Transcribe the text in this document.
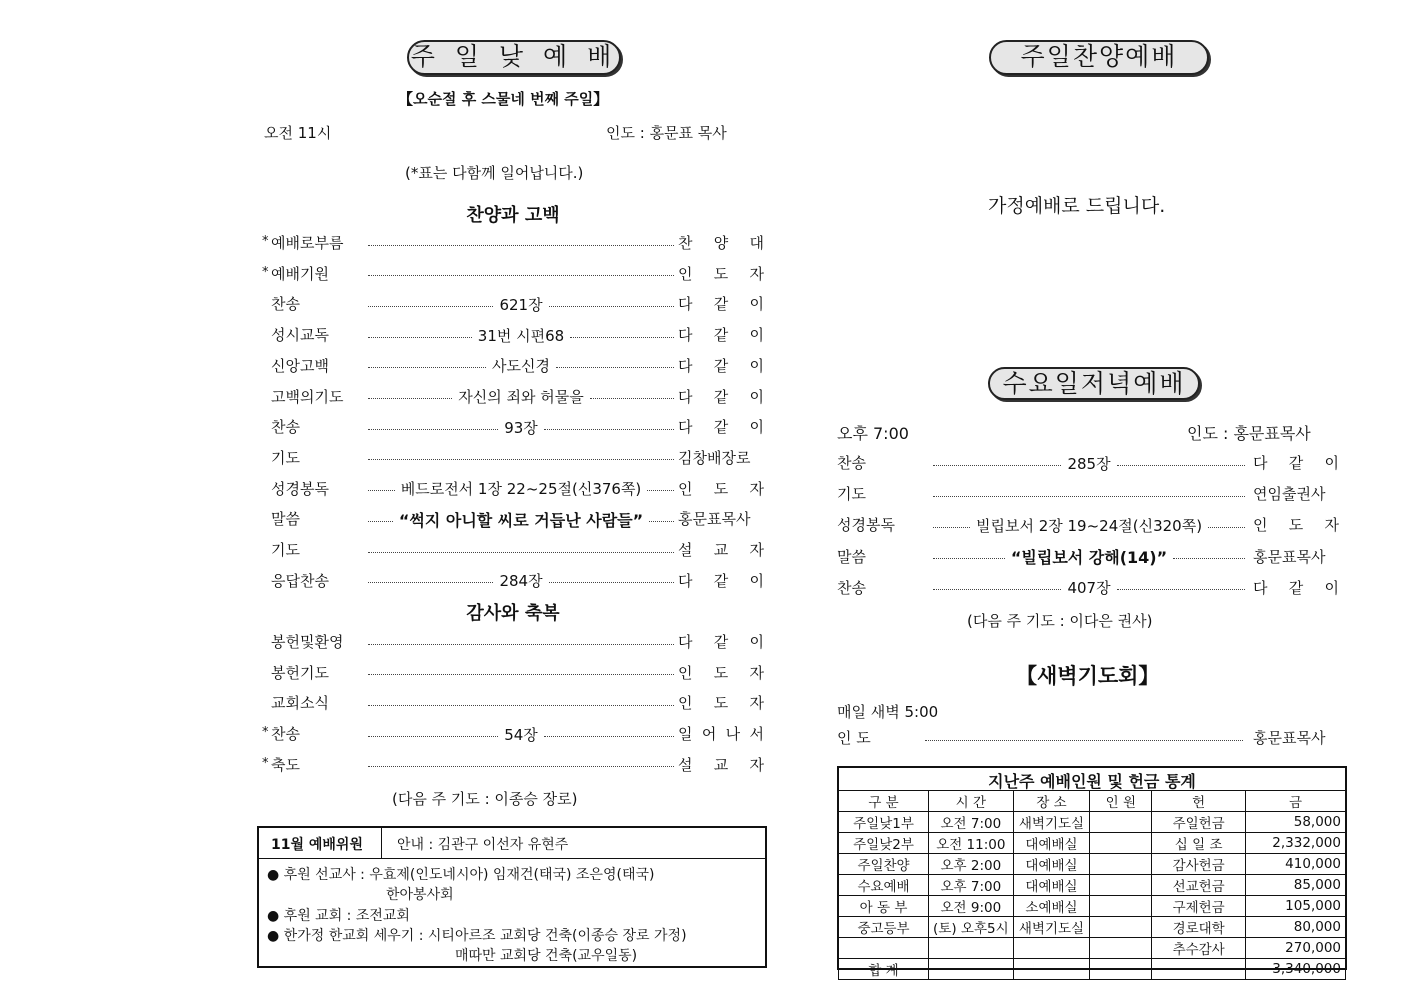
주 일 낮 예 배
【오순절 후 스물네 번째 주일】
오전 11시	인도 : 홍문표 목사
(*표는 다함께 일어납니다.)
찬양과 고백
* 예배로부름	찬 양 대
* 예 배 기 원	인 도 자
찬 송	621장	다 같 이
성 시 교 독	31번 시편68	다 같 이
신 앙 고 백	사도신경	다 같 이
고백의기도	자신의 죄와 허물을	다 같 이
찬 송	93장	다 같 이
기 도	김창배장로
성 경 봉 독	베드로전서 1장 22~25절(신376쪽)	인 도 자
말 씀	“썩지 아니할 씨로 거듭난 사람들”	홍문표목사
기 도	설 교 자
응 답 찬 송	284장	다 같 이
감사와 축복
봉헌및환영	다 같 이
봉 헌 기 도	인 도 자
교 회 소 식	인 도 자
* 찬 송	54장	일 어 나 서
* 축 도	설 교 자
(다음 주 기도 : 이종승 장로)
11월 예배위원 안내 : 김관구 이선자 유현주
● 후원 선교사 : 우효제(인도네시아) 임재건(태국) 조은영(태국)
한아봉사회
● 후원 교회 : 조전교회
● 한가정 한교회 세우기 : 시티아르조 교회당 건축(이종승 장로 가정)
매따만 교회당 건축(교우일동)
주일찬양예배
가정예배로 드립니다.
수요일저녁예배
오후 7:00	인도 : 홍문표목사
찬 송	285장	다 같 이
기 도	연임출권사
성 경 봉 독	빌립보서 2장 19~24절(신320쪽)	인 도 자
말 씀	“빌립보서 강해(14)”	홍문표목사
찬 송	407장	다 같 이
(다음 주 기도 : 이다은 권사)
【새벽기도회】
매일 새벽 5:00
인 도	홍문표목사
지난주 예배인원 및 헌금 통계
구 분	시 간	장 소	인 원	헌	금
주일낮1부	오전 7:00	새벽기도실		주일헌금	58,000
주일낮2부	오전 11:00	대예배실		십 일 조	2,332,000
주일찬양	오후 2:00	대예배실		감사헌금	410,000
수요예배	오후 7:00	대예배실		선교헌금	85,000
아 동 부	오전 9:00	소예배실		구제헌금	105,000
중고등부	(토) 오후5시	새벽기도실		경로대학	80,000
				추수감사	270,000
합 계					3,340,000
